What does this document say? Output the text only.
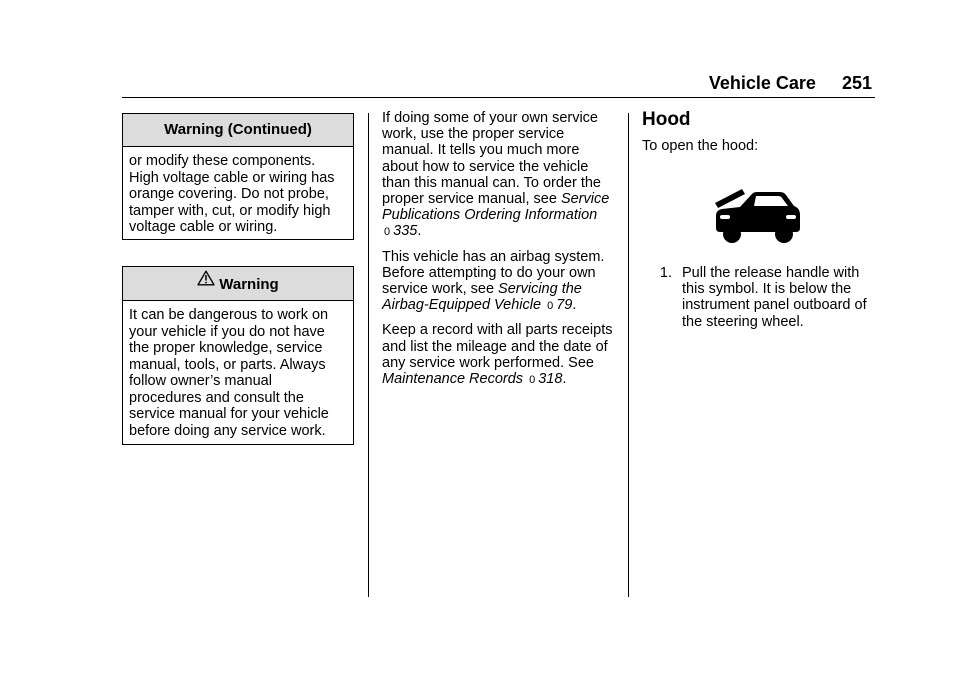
Vehicle Care 251
Warning (Continued)
or modify these components. High voltage cable or wiring has orange covering. Do not probe, tamper with, cut, or modify high voltage cable or wiring.
Warning
It can be dangerous to work on your vehicle if you do not have the proper knowledge, service manual, tools, or parts. Always follow owner’s manual procedures and consult the service manual for your vehicle before doing any service work.

If doing some of your own service work, use the proper service manual. It tells you much more about how to service the vehicle than this manual can. To order the proper service manual, see Service Publications Ordering Information 0 335.

This vehicle has an airbag system. Before attempting to do your own service work, see Servicing the Airbag-Equipped Vehicle 0 79.

Keep a record with all parts receipts and list the mileage and the date of any service work performed. See Maintenance Records 0 318.

Hood
To open the hood:
1. Pull the release handle with this symbol. It is below the instrument panel outboard of the steering wheel.
